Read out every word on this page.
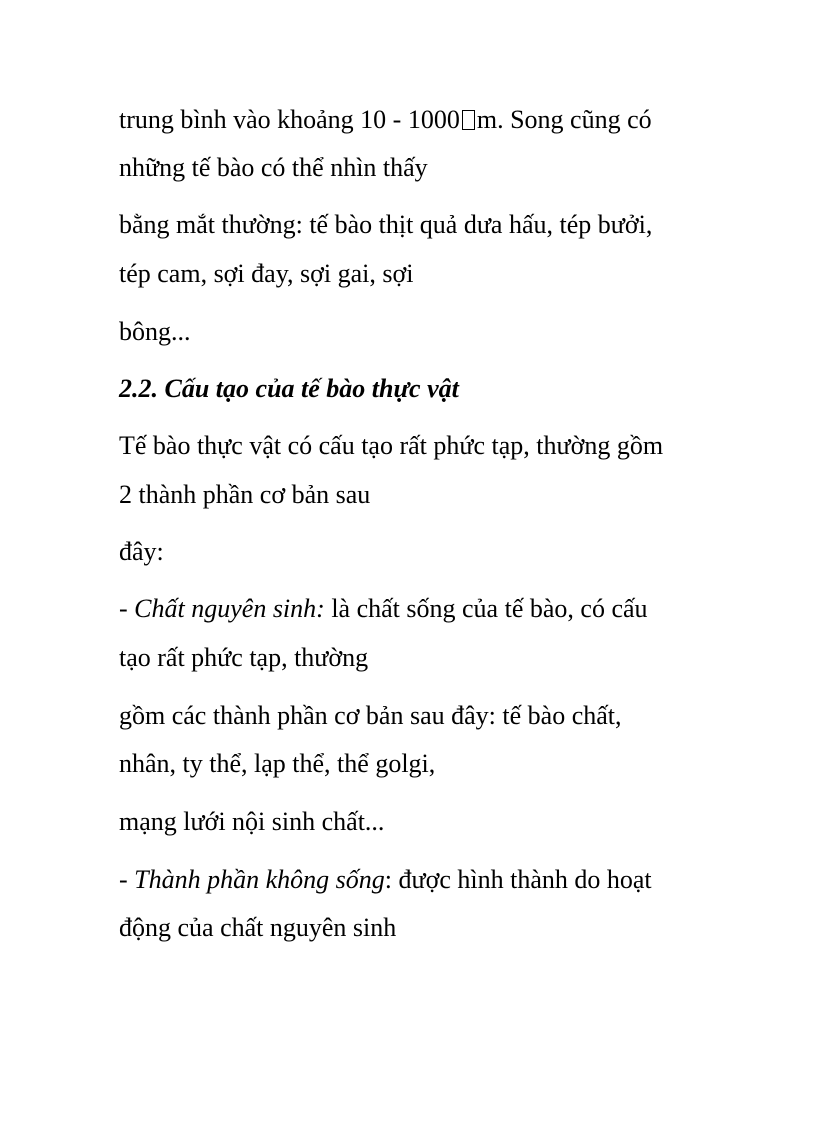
trung bình vào khoảng 10 - 1000 m. Song cũng có
những tế bào có thể nhìn thấy
bằng mắt thường: tế bào thịt quả dưa hấu, tép bưởi,
tép cam, sợi đay, sợi gai, sợi
bông...
2.2. Cấu tạo của tế bào thực vật
Tế bào thực vật có cấu tạo rất phức tạp, thường gồm
2 thành phần cơ bản sau
đây:
- Chất nguyên sinh: là chất sống của tế bào, có cấu
tạo rất phức tạp, thường
gồm các thành phần cơ bản sau đây: tế bào chất,
nhân, ty thể, lạp thể, thể golgi,
mạng lưới nội sinh chất...
- Thành phần không sống: được hình thành do hoạt
động của chất nguyên sinh
